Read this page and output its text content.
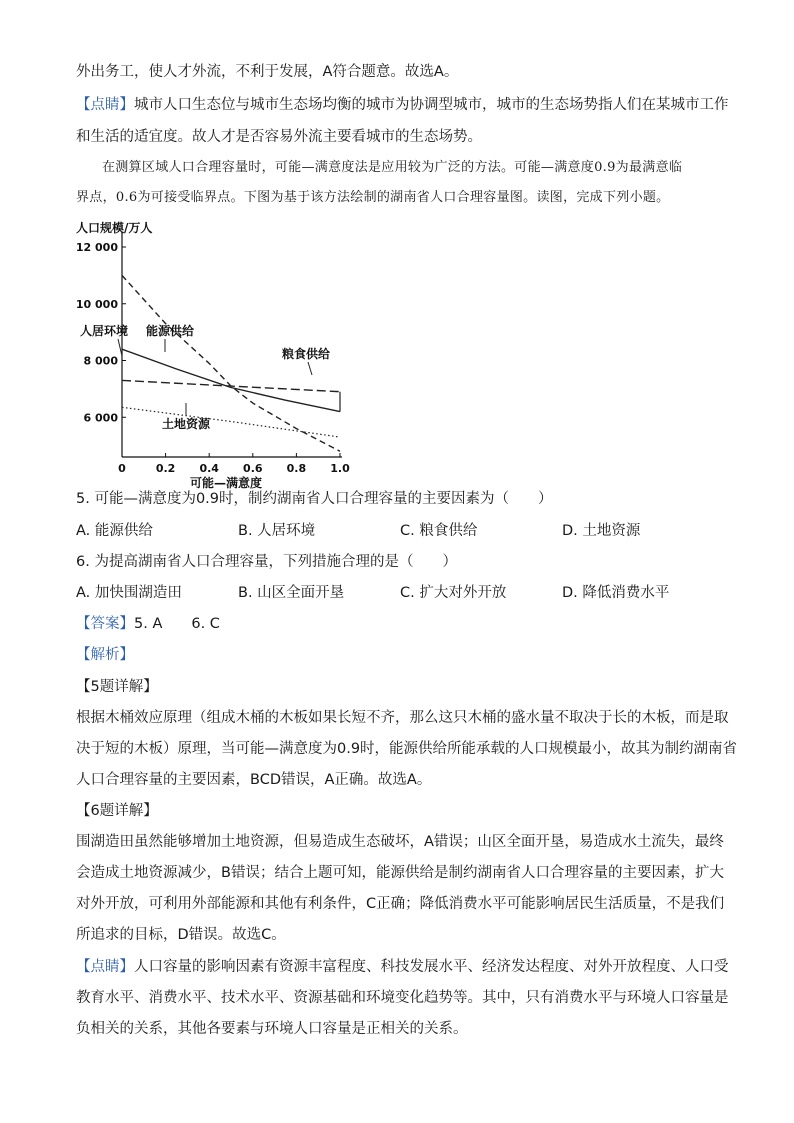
外出务工，使人才外流，不利于发展，A符合题意。故选A。
【点睛】城市人口生态位与城市生态场均衡的城市为协调型城市，城市的生态场势指人们在某城市工作
和生活的适宜度。故人才是否容易外流主要看城市的生态场势。
在测算区域人口合理容量时，可能—满意度法是应用较为广泛的方法。可能—满意度0.9为最满意临
界点，0.6为可接受临界点。下图为基于该方法绘制的湖南省人口合理容量图。读图，完成下列小题。
12 000
10 000
8 000
6 000
0	0.2 0.4 0.6 0.8 1.0
人口规模/万人
可能—满意度
人居环境 能源供给
粮食供给
土地资源
5. 可能—满意度为0.9时，制约湖南省人口合理容量的主要因素为（　　）
A. 能源供给	B. 人居环境	C. 粮食供给	D. 土地资源
6. 为提高湖南省人口合理容量，下列措施合理的是（　　）
A. 加快围湖造田	B. 山区全面开垦	C. 扩大对外开放	D. 降低消费水平
【答案】5. A　　6. C
【解析】
【5题详解】
根据木桶效应原理（组成木桶的木板如果长短不齐，那么这只木桶的盛水量不取决于长的木板，而是取
决于短的木板）原理，当可能—满意度为0.9时，能源供给所能承载的人口规模最小，故其为制约湖南省
人口合理容量的主要因素，BCD错误，A正确。故选A。
【6题详解】
围湖造田虽然能够增加土地资源，但易造成生态破坏，A错误；山区全面开垦，易造成水土流失，最终
会造成土地资源减少，B错误；结合上题可知，能源供给是制约湖南省人口合理容量的主要因素，扩大
对外开放，可利用外部能源和其他有利条件，C正确；降低消费水平可能影响居民生活质量，不是我们
所追求的目标，D错误。故选C。
【点睛】人口容量的影响因素有资源丰富程度、科技发展水平、经济发达程度、对外开放程度、人口受
教育水平、消费水平、技术水平、资源基础和环境变化趋势等。其中，只有消费水平与环境人口容量是
负相关的关系，其他各要素与环境人口容量是正相关的关系。
